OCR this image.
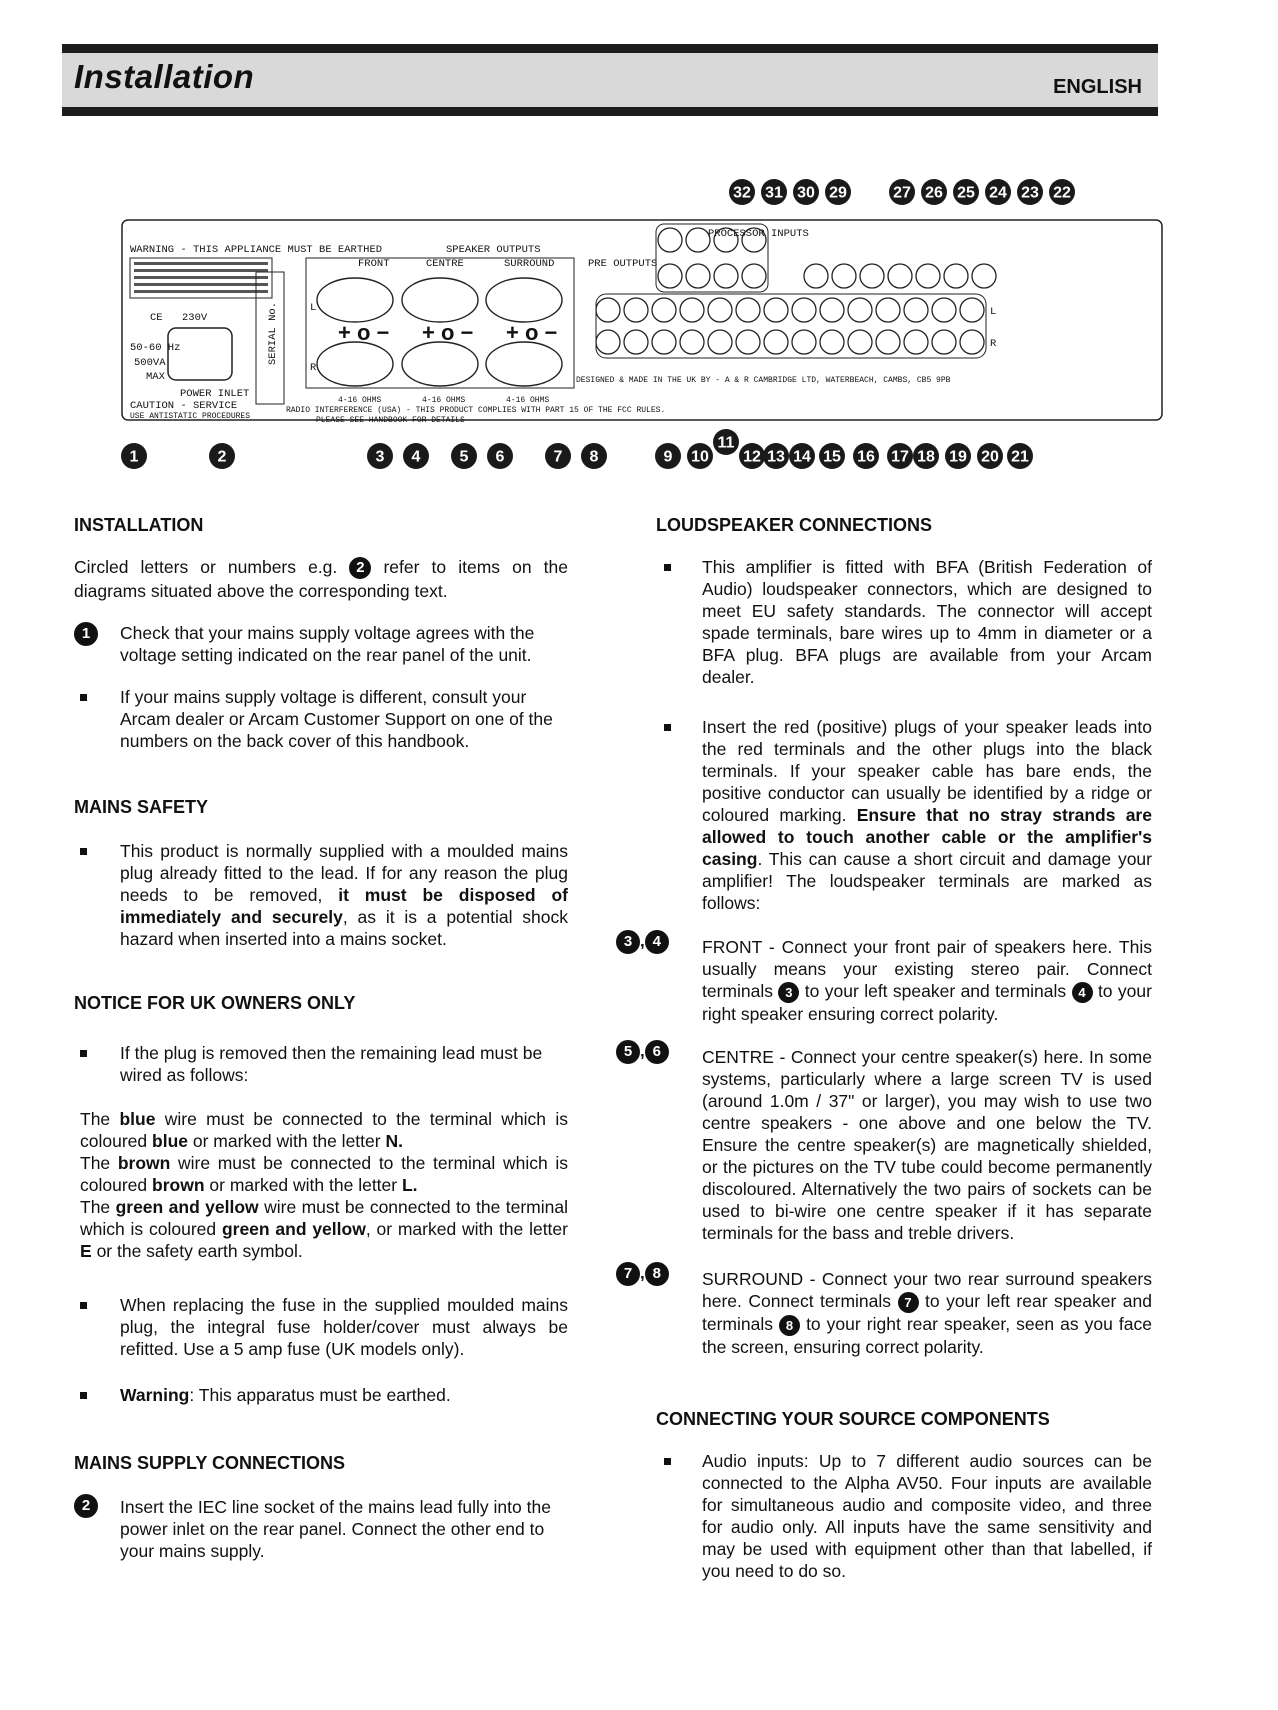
Installation	ENGLISH
WARNING - THIS APPLIANCE MUST BE EARTHED	SPEAKER OUTPUTS
230V
CE
50-60 Hz
500VA
MAX
POWER INLET
CAUTION - SERVICE
USE ANTISTATIC PROCEDURES
SERIAL No.
FRONT	CENTRE	SURROUND
+ o − + o − + o −
L
R
4-16 OHMS	4-16 OHMS	4-16 OHMS
RADIO INTERFERENCE (USA) - THIS PRODUCT COMPLIES WITH PART 15 OF THE FCC RULES.
PLEASE SEE HANDBOOK FOR DETAILS
PRE OUTPUTS
PROCESSOR INPUTS
L
R
DESIGNED & MADE IN THE UK BY - A & R CAMBRIDGE LTD, WATERBEACH, CAMBS, CB5 9PB
32 31 30 29	27 26 25 24 23 22
1	2	3 4 5 6	7 8	9 10
11
12 13 14 15 16 17 18 19 20 21
INSTALLATION
Circled letters or numbers e.g. 2 refer to items on the diagrams situated above the corresponding text.
1	Check that your mains supply voltage agrees with the voltage setting indicated on the rear panel of the unit.
If your mains supply voltage is different, consult your Arcam dealer or Arcam Customer Support on one of the numbers on the back cover of this handbook.
MAINS SAFETY
This product is normally supplied with a moulded mains plug already fitted to the lead. If for any reason the plug needs to be removed, it must be disposed of immediately and securely, as it is a potential shock hazard when inserted into a mains socket.
NOTICE FOR UK OWNERS ONLY
If the plug is removed then the remaining lead must be wired as follows:
The blue wire must be connected to the terminal which is coloured blue or marked with the letter N.
The brown wire must be connected to the terminal which is coloured brown or marked with the letter L.
The green and yellow wire must be connected to the terminal which is coloured green and yellow, or marked with the letter E or the safety earth symbol.
When replacing the fuse in the supplied moulded mains plug, the integral fuse holder/cover must always be refitted. Use a 5 amp fuse (UK models only).
Warning: This apparatus must be earthed.
MAINS SUPPLY CONNECTIONS
2	Insert the IEC line socket of the mains lead fully into the power inlet on the rear panel. Connect the other end to your mains supply.
LOUDSPEAKER CONNECTIONS
This amplifier is fitted with BFA (British Federation of Audio) loudspeaker connectors, which are designed to meet EU safety standards. The connector will accept spade terminals, bare wires up to 4mm in diameter or a BFA plug. BFA plugs are available from your Arcam dealer.
Insert the red (positive) plugs of your speaker leads into the red terminals and the other plugs into the black terminals. If your speaker cable has bare ends, the positive conductor can usually be identified by a ridge or coloured marking. Ensure that no stray strands are allowed to touch another cable or the amplifier's casing. This can cause a short circuit and damage your amplifier! The loudspeaker terminals are marked as follows:
3 , 4	FRONT - Connect your front pair of speakers here. This usually means your existing stereo pair. Connect terminals 3 to your left speaker and terminals 4 to your right speaker ensuring correct polarity.
5 , 6	CENTRE - Connect your centre speaker(s) here. In some systems, particularly where a large screen TV is used (around 1.0m / 37" or larger), you may wish to use two centre speakers - one above and one below the TV. Ensure the centre speaker(s) are magnetically shielded, or the pictures on the TV tube could become permanently discoloured. Alternatively the two pairs of sockets can be used to bi-wire one centre speaker if it has separate terminals for the bass and treble drivers.
7 , 8	SURROUND - Connect your two rear surround speakers here. Connect terminals 7 to your left rear speaker and terminals 8 to your right rear speaker, seen as you face the screen, ensuring correct polarity.
CONNECTING YOUR SOURCE COMPONENTS
Audio inputs: Up to 7 different audio sources can be connected to the Alpha AV50. Four inputs are available for simultaneous audio and composite video, and three for audio only. All inputs have the same sensitivity and may be used with equipment other than that labelled, if you need to do so.
